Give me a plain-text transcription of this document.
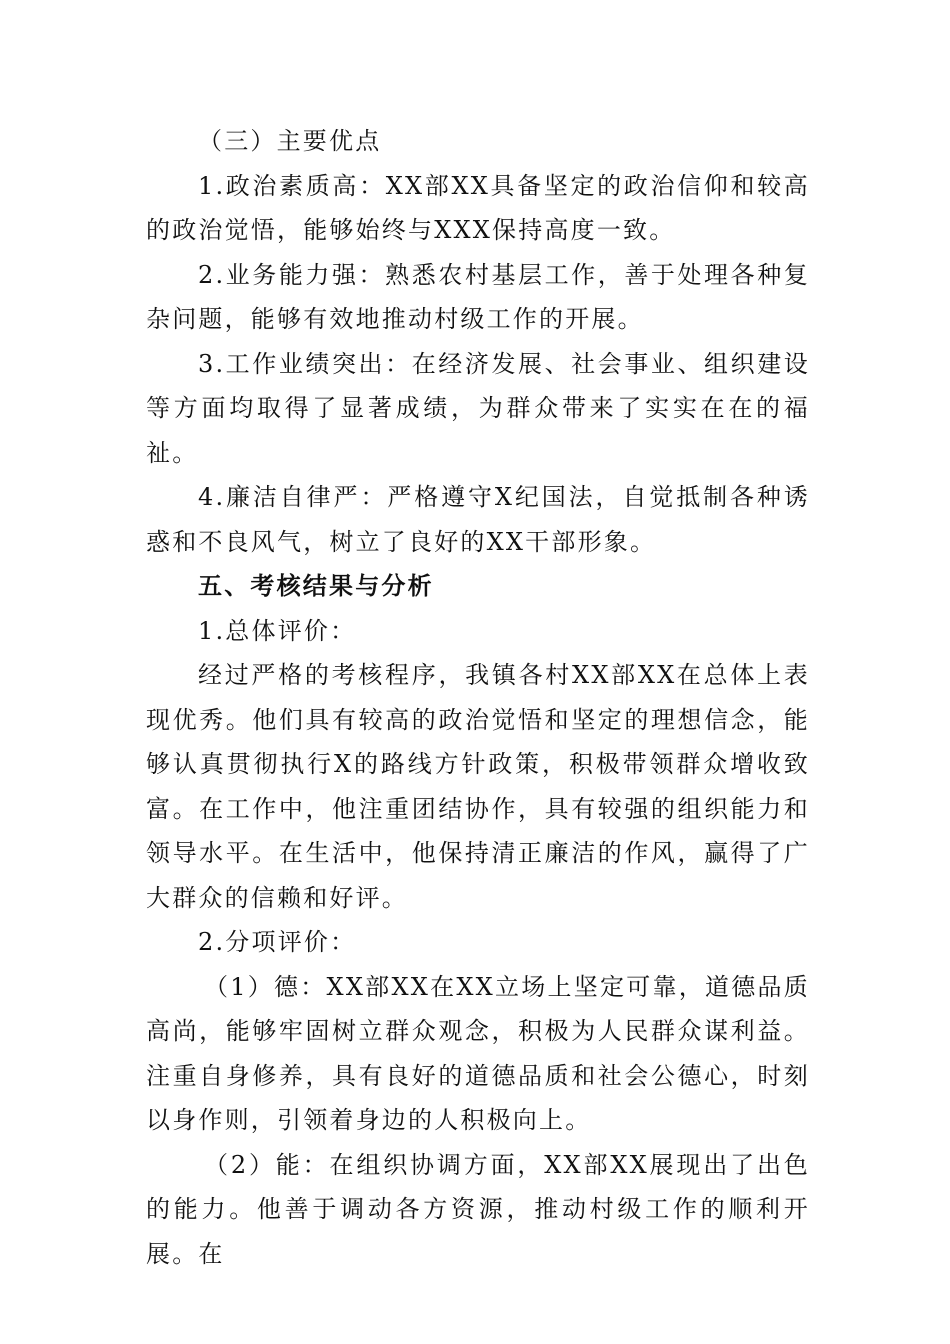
（三）主要优点

1.政治素质高：XX部XX具备坚定的政治信仰和较高的政治觉悟，能够始终与XXX保持高度一致。

2.业务能力强：熟悉农村基层工作，善于处理各种复杂问题，能够有效地推动村级工作的开展。

3.工作业绩突出：在经济发展、社会事业、组织建设等方面均取得了显著成绩，为群众带来了实实在在的福祉。

4.廉洁自律严：严格遵守X纪国法，自觉抵制各种诱惑和不良风气，树立了良好的XX干部形象。

五、考核结果与分析

1.总体评价：

经过严格的考核程序，我镇各村XX部XX在总体上表现优秀。他们具有较高的政治觉悟和坚定的理想信念，能够认真贯彻执行X的路线方针政策，积极带领群众增收致富。在工作中，他注重团结协作，具有较强的组织能力和领导水平。在生活中，他保持清正廉洁的作风，赢得了广大群众的信赖和好评。

2.分项评价：

（1）德：XX部XX在XX立场上坚定可靠，道德品质高尚，能够牢固树立群众观念，积极为人民群众谋利益。注重自身修养，具有良好的道德品质和社会公德心，时刻以身作则，引领着身边的人积极向上。

（2）能：在组织协调方面，XX部XX展现出了出色的能力。他善于调动各方资源，推动村级工作的顺利开展。在
